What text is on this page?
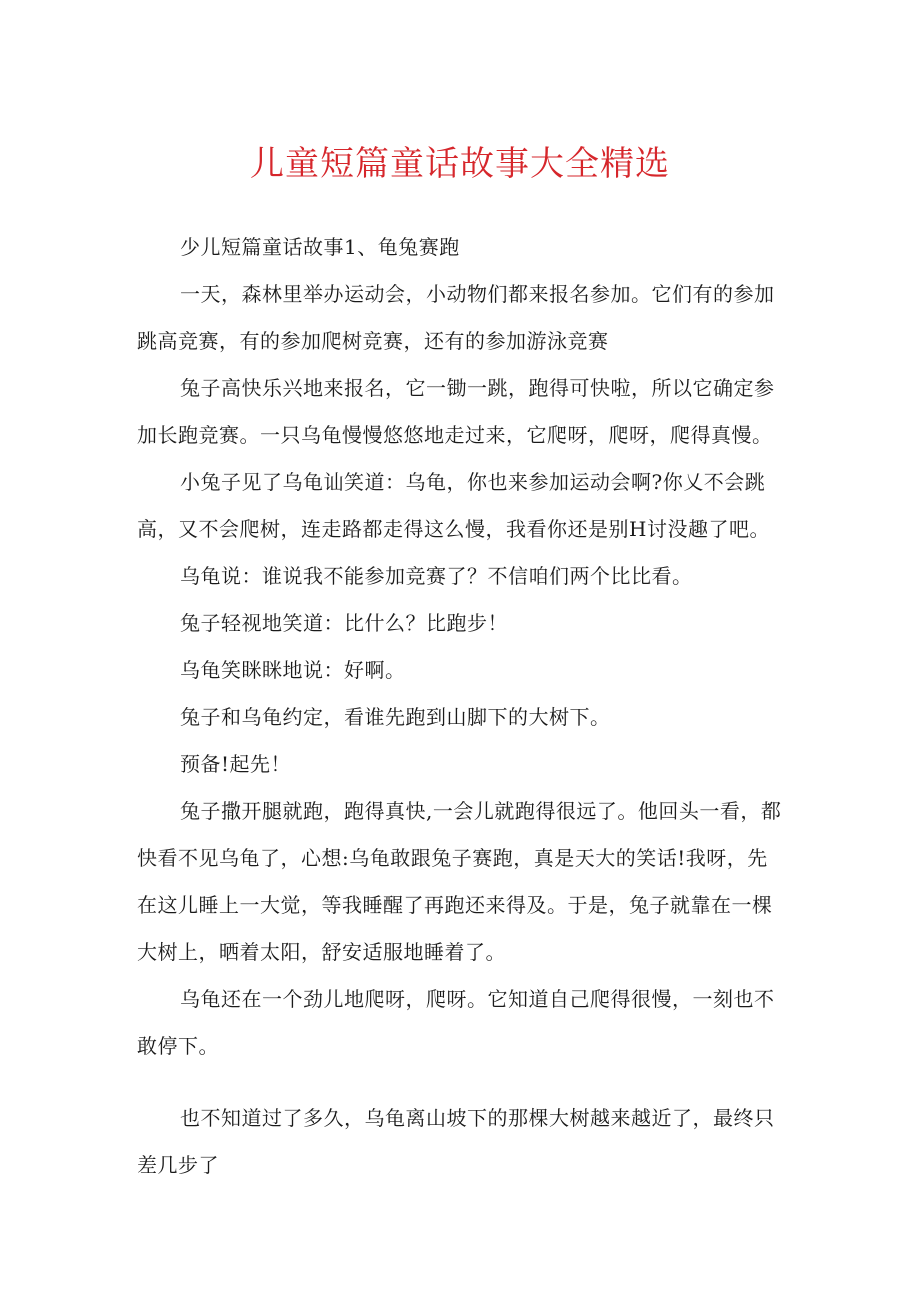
儿童短篇童话故事大全精选

少儿短篇童话故事1、龟兔赛跑

一天，森林里举办运动会，小动物们都来报名参加。它们有的参加跳高竞赛，有的参加爬树竞赛，还有的参加游泳竞赛

兔子高快乐兴地来报名，它一锄一跳，跑得可快啦，所以它确定参加长跑竞赛。一只乌龟慢慢悠悠地走过来，它爬呀，爬呀，爬得真慢。

小兔子见了乌龟讪笑道：乌龟，你也来参加运动会啊?你乂不会跳高，又不会爬树，连走路都走得这么慢，我看你还是别H讨没趣了吧。

乌龟说：谁说我不能参加竞赛了？不信咱们两个比比看。

兔子轻视地笑道：比什么？比跑步！

乌龟笑眯眯地说：好啊。

兔子和乌龟约定，看谁先跑到山脚下的大树下。

预备!起先！

兔子撒开腿就跑，跑得真快,一会儿就跑得很远了。他回头一看，都快看不见乌龟了，心想:乌龟敢跟兔子赛跑，真是天大的笑话!我呀，先在这儿睡上一大觉，等我睡醒了再跑还来得及。于是，兔子就靠在一棵大树上，晒着太阳，舒安适服地睡着了。

乌龟还在一个劲儿地爬呀，爬呀。它知道自己爬得很慢，一刻也不敢停下。

也不知道过了多久，乌龟离山坡下的那棵大树越来越近了，最终只差几步了
